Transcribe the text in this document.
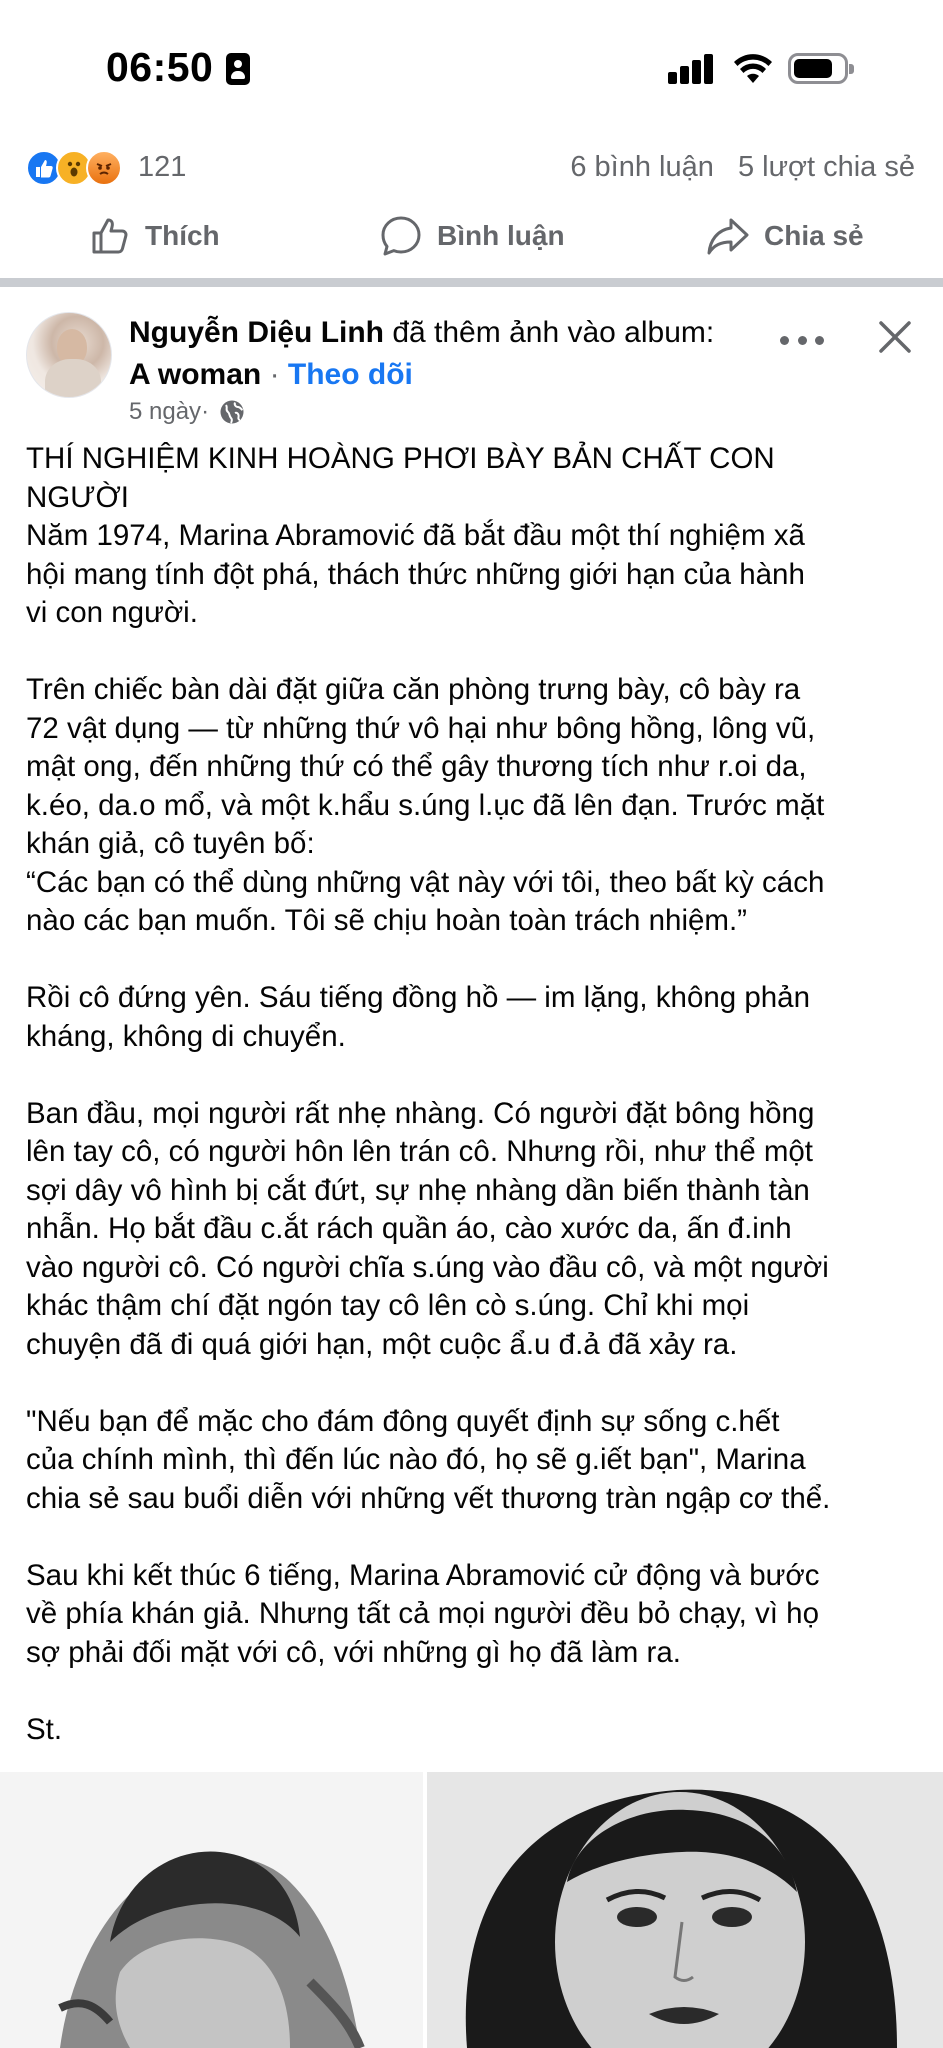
06:50
121	6 bình luận 5 lượt chia sẻ
Thích	Bình luận	Chia sẻ
Nguyễn Diệu Linh đã thêm ảnh vào album:
A woman · Theo dõi
5 ngày ·
THÍ NGHIỆM KINH HOÀNG PHƠI BÀY BẢN CHẤT CON
NGƯỜI
Năm 1974, Marina Abramović đã bắt đầu một thí nghiệm xã
hội mang tính đột phá, thách thức những giới hạn của hành
vi con người.

Trên chiếc bàn dài đặt giữa căn phòng trưng bày, cô bày ra
72 vật dụng — từ những thứ vô hại như bông hồng, lông vũ,
mật ong, đến những thứ có thể gây thương tích như r.oi da,
k.éo, da.o mổ, và một k.hẩu s.úng l.ục đã lên đạn. Trước mặt
khán giả, cô tuyên bố:
“Các bạn có thể dùng những vật này với tôi, theo bất kỳ cách
nào các bạn muốn. Tôi sẽ chịu hoàn toàn trách nhiệm.”

Rồi cô đứng yên. Sáu tiếng đồng hồ — im lặng, không phản
kháng, không di chuyển.

Ban đầu, mọi người rất nhẹ nhàng. Có người đặt bông hồng
lên tay cô, có người hôn lên trán cô. Nhưng rồi, như thể một
sợi dây vô hình bị cắt đứt, sự nhẹ nhàng dần biến thành tàn
nhẫn. Họ bắt đầu c.ắt rách quần áo, cào xước da, ấn đ.inh
vào người cô. Có người chĩa s.úng vào đầu cô, và một người
khác thậm chí đặt ngón tay cô lên cò s.úng. Chỉ khi mọi
chuyện đã đi quá giới hạn, một cuộc ẩ.u đ.ả đã xảy ra.

"Nếu bạn để mặc cho đám đông quyết định sự sống c.hết
của chính mình, thì đến lúc nào đó, họ sẽ g.iết bạn", Marina
chia sẻ sau buổi diễn với những vết thương tràn ngập cơ thể.

Sau khi kết thúc 6 tiếng, Marina Abramović cử động và bước
về phía khán giả. Nhưng tất cả mọi người đều bỏ chạy, vì họ
sợ phải đối mặt với cô, với những gì họ đã làm ra.

St.
